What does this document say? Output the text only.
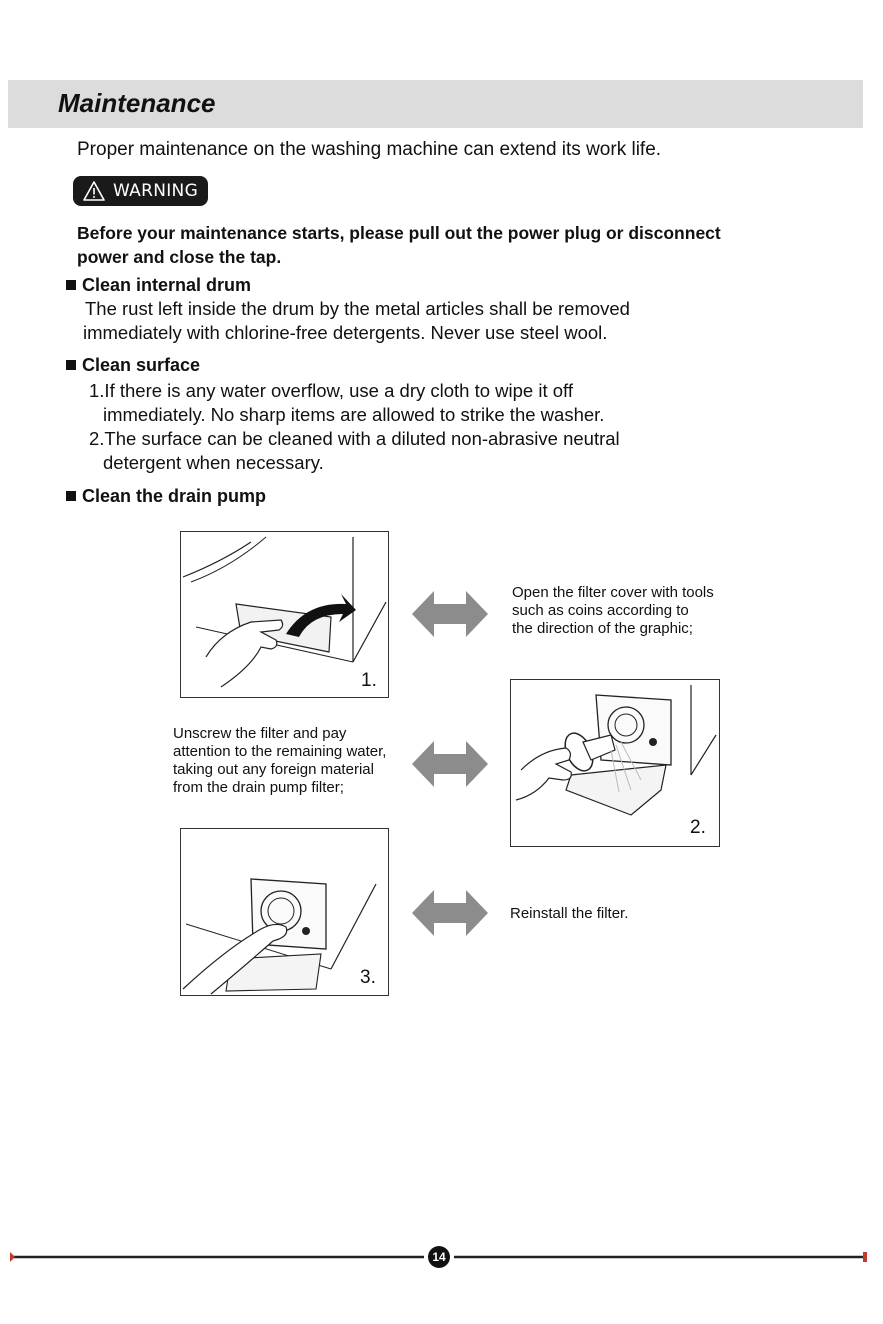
Maintenance
Proper maintenance on the washing machine can extend its work life.
WARNING
Before your maintenance starts, please pull out the power plug or disconnect power and close the tap.
Clean internal drum
The rust left inside the drum by the metal articles shall be removed
immediately with chlorine-free detergents. Never use steel wool.
Clean surface
1.If there is any water overflow, use a dry cloth to wipe it off
immediately. No sharp items are allowed to strike the washer.
2.The surface can be cleaned with a diluted non-abrasive neutral
detergent when necessary.
Clean the drain pump
1.
Open the filter cover with tools
such as coins according to
the direction of the graphic;
2.
Unscrew the filter and pay
attention to the remaining water,
taking out any foreign material
from the drain pump filter;
3.
Reinstall the filter.
14
